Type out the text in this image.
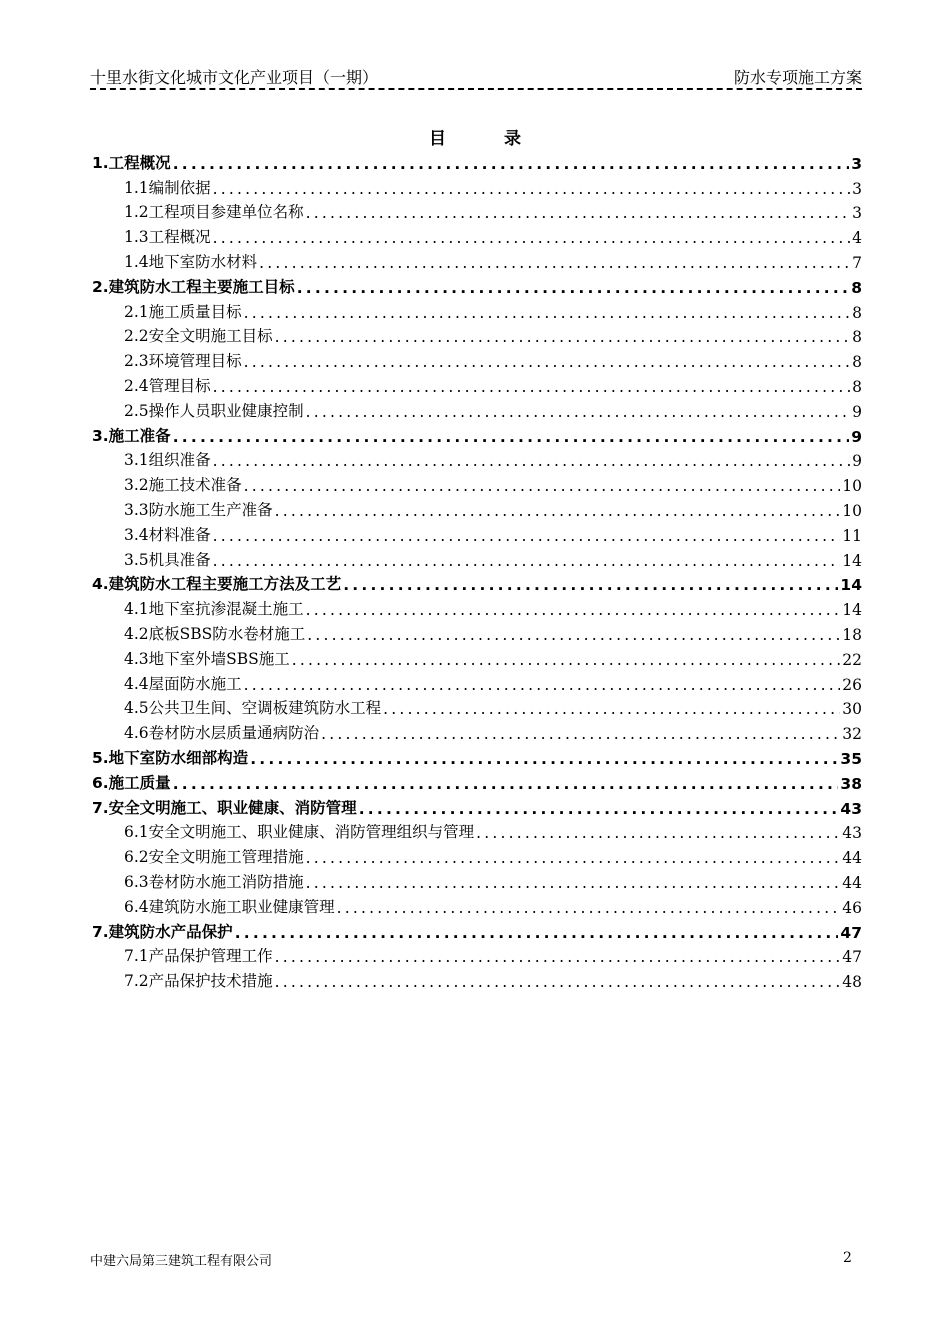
十里水街文化城市文化产业项目（一期）	防水专项施工方案
目 录
1.工程概况 .....	3
1.1编制依据 .....	3
1.2工程项目参建单位名称 .....	3
1.3工程概况 .....	4
1.4地下室防水材料 .....	7
2.建筑防水工程主要施工目标 .....	8
2.1施工质量目标 .....	8
2.2安全文明施工目标 .....	8
2.3环境管理目标 .....	8
2.4管理目标 .....	8
2.5操作人员职业健康控制 .....	9
3.施工准备 .....	9
3.1组织准备 .....	9
3.2施工技术准备 .....	10
3.3防水施工生产准备 .....	10
3.4材料准备 .....	11
3.5机具准备 .....	14
4.建筑防水工程主要施工方法及工艺 .....	14
4.1地下室抗渗混凝土施工 .....	14
4.2底板SBS防水卷材施工 .....	18
4.3地下室外墙SBS施工 .....	22
4.4屋面防水施工 .....	26
4.5公共卫生间、空调板建筑防水工程 .....	30
4.6卷材防水层质量通病防治 .....	32
5.地下室防水细部构造 .....	35
6.施工质量 .....	38
7.安全文明施工、职业健康、消防管理 .....	43
6.1安全文明施工、职业健康、消防管理组织与管理 .....	43
6.2安全文明施工管理措施 .....	44
6.3卷材防水施工消防措施 .....	44
6.4建筑防水施工职业健康管理 .....	46
7.建筑防水产品保护 .....	47
7.1产品保护管理工作 .....	47
7.2产品保护技术措施 .....	48
中建六局第三建筑工程有限公司	2
